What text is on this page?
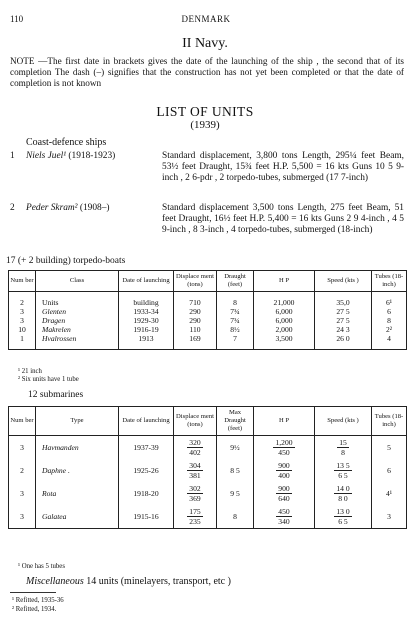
110	DENMARK
II Navy.
NOTE —The first date in brackets gives the date of the launching of the ship , the second that of its completion The dash (–) signifies that the construction has not yet been completed or that the date of completion is not known
LIST OF UNITS
(1939)
Coast-defence ships
1 Niels Juel¹ (1918-1923)	Standard displacement, 3,800 tons Length, 295¼ feet Beam, 53½ feet Draught, 15¾ feet H.P. 5,500 = 16 kts Guns 10 5 9-inch , 2 6-pdr , 2 torpedo-tubes, submerged (17 7-inch)
2 Peder Skram² (1908–)	Standard displacement 3,500 tons Length, 275 feet Beam, 51 feet Draught, 16½ feet H.P. 5,400 = 16 kts Guns 2 9 4-inch , 4 5 9-inch , 8 3-inch , 4 torpedo-tubes, submerged (18-inch)
17 (+ 2 building) torpedo-boats
Num ber	Class	Date of launching	Displace ment (tons)	Draught (feet)	H P	Speed (kts )	Tubes (18-inch)
2	Units	building	710	8	21,000	35,0	6¹
3	Glenten	1933-34	290	7¾	6,000	27 5	6
3	Dragen	1929-30	290	7¾	6,000	27 5	8
10	Makrelen	1916-19	110	8½	2,000	24 3	2²
1	Hvalrossen	1913	169	7	3,500	26 0	4
¹ 21 inch
² Six units have 1 tube
12 submarines
Num ber	Type	Date of launching	Displace ment (tons)	Max Draught (feet)	H P	Speed (kts )	Tubes (18-inch)
3	Havmanden	1937-39	$\frac{320}{402}$	9½	$\frac{1,200}{450}$	$\frac{15}{8}$	5
2	Daphne .	1925-26	$\frac{304}{381}$	8 5	$\frac{900}{400}$	$\frac{13 5}{6 5}$	6
3	Rota	1918-20	$\frac{302}{369}$	9 5	$\frac{900}{640}$	$\frac{14 0}{8 0}$	4¹
3	Galatea	1915-16	$\frac{175}{235}$	8	$\frac{450}{340}$	$\frac{13 0}{6 5}$	3
¹ One has 5 tubes
Miscellaneous 14 units (minelayers, transport, etc )
¹ Refitted, 1935-36
² Refitted, 1934.
